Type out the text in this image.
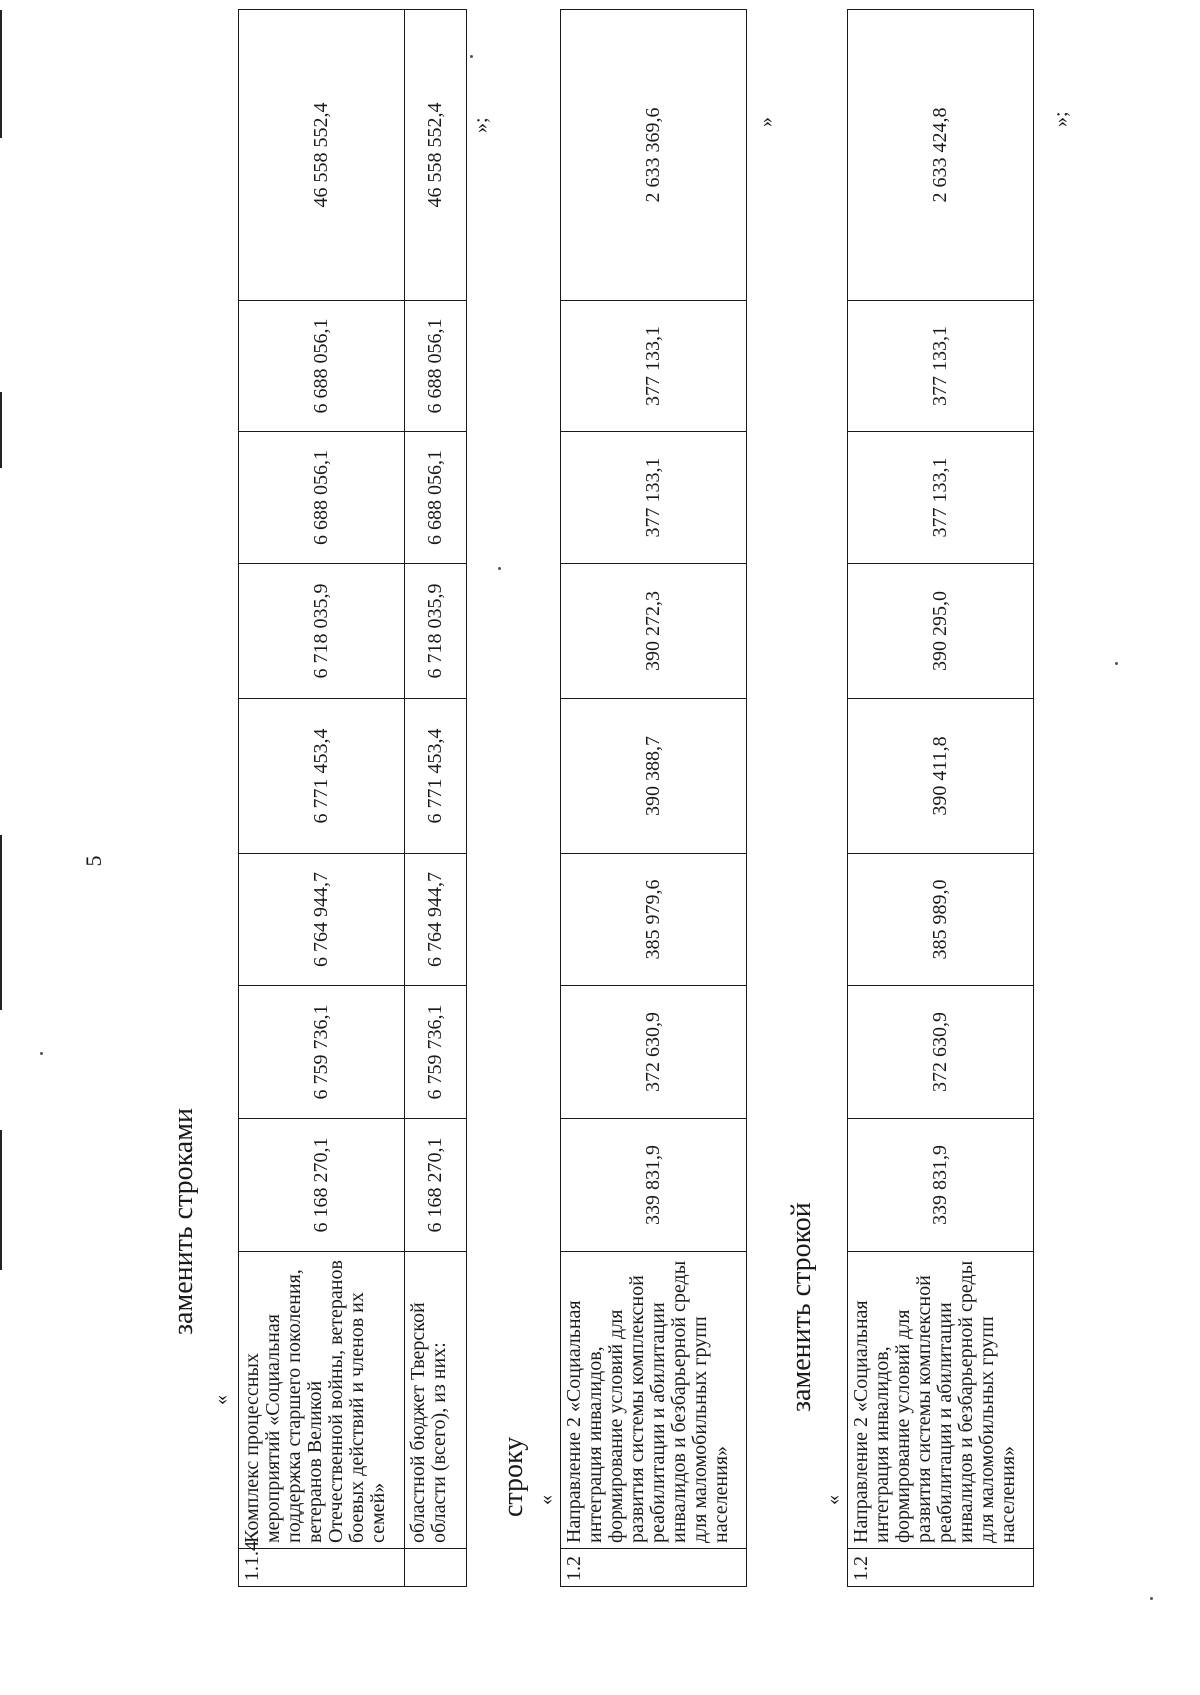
5
заменить строками
«
1.1.4	Комплекс процессных мероприятий «Социальная поддержка старшего поколения, ветеранов Великой Отечественной войны, ветеранов боевых действий и членов их семей»	6 168 270,1	6 759 736,1	6 764 944,7	6 771 453,4	6 718 035,9	6 688 056,1	6 688 056,1	46 558 552,4
	областной бюджет Тверской области (всего), из них:	6 168 270,1	6 759 736,1	6 764 944,7	6 771 453,4	6 718 035,9	6 688 056,1	6 688 056,1	46 558 552,4 »;
строку «
1.2	Направление 2 «Социальная интеграция инвалидов, формирование условий для развития системы комплексной реабилитации и абилитации инвалидов и безбарьерной среды для маломобильных групп населения»	339 831,9	372 630,9	385 979,6	390 388,7	390 272,3	377 133,1	377 133,1	2 633 369,6	»
заменить строкой
«
1.2	Направление 2 «Социальная интеграция инвалидов, формирование условий для развития системы комплексной реабилитации и абилитации инвалидов и безбарьерной среды для маломобильных групп населения»	339 831,9	372 630,9	385 989,0	390 411,8	390 295,0	377 133,1	377 133,1	2 633 424,8	»;
